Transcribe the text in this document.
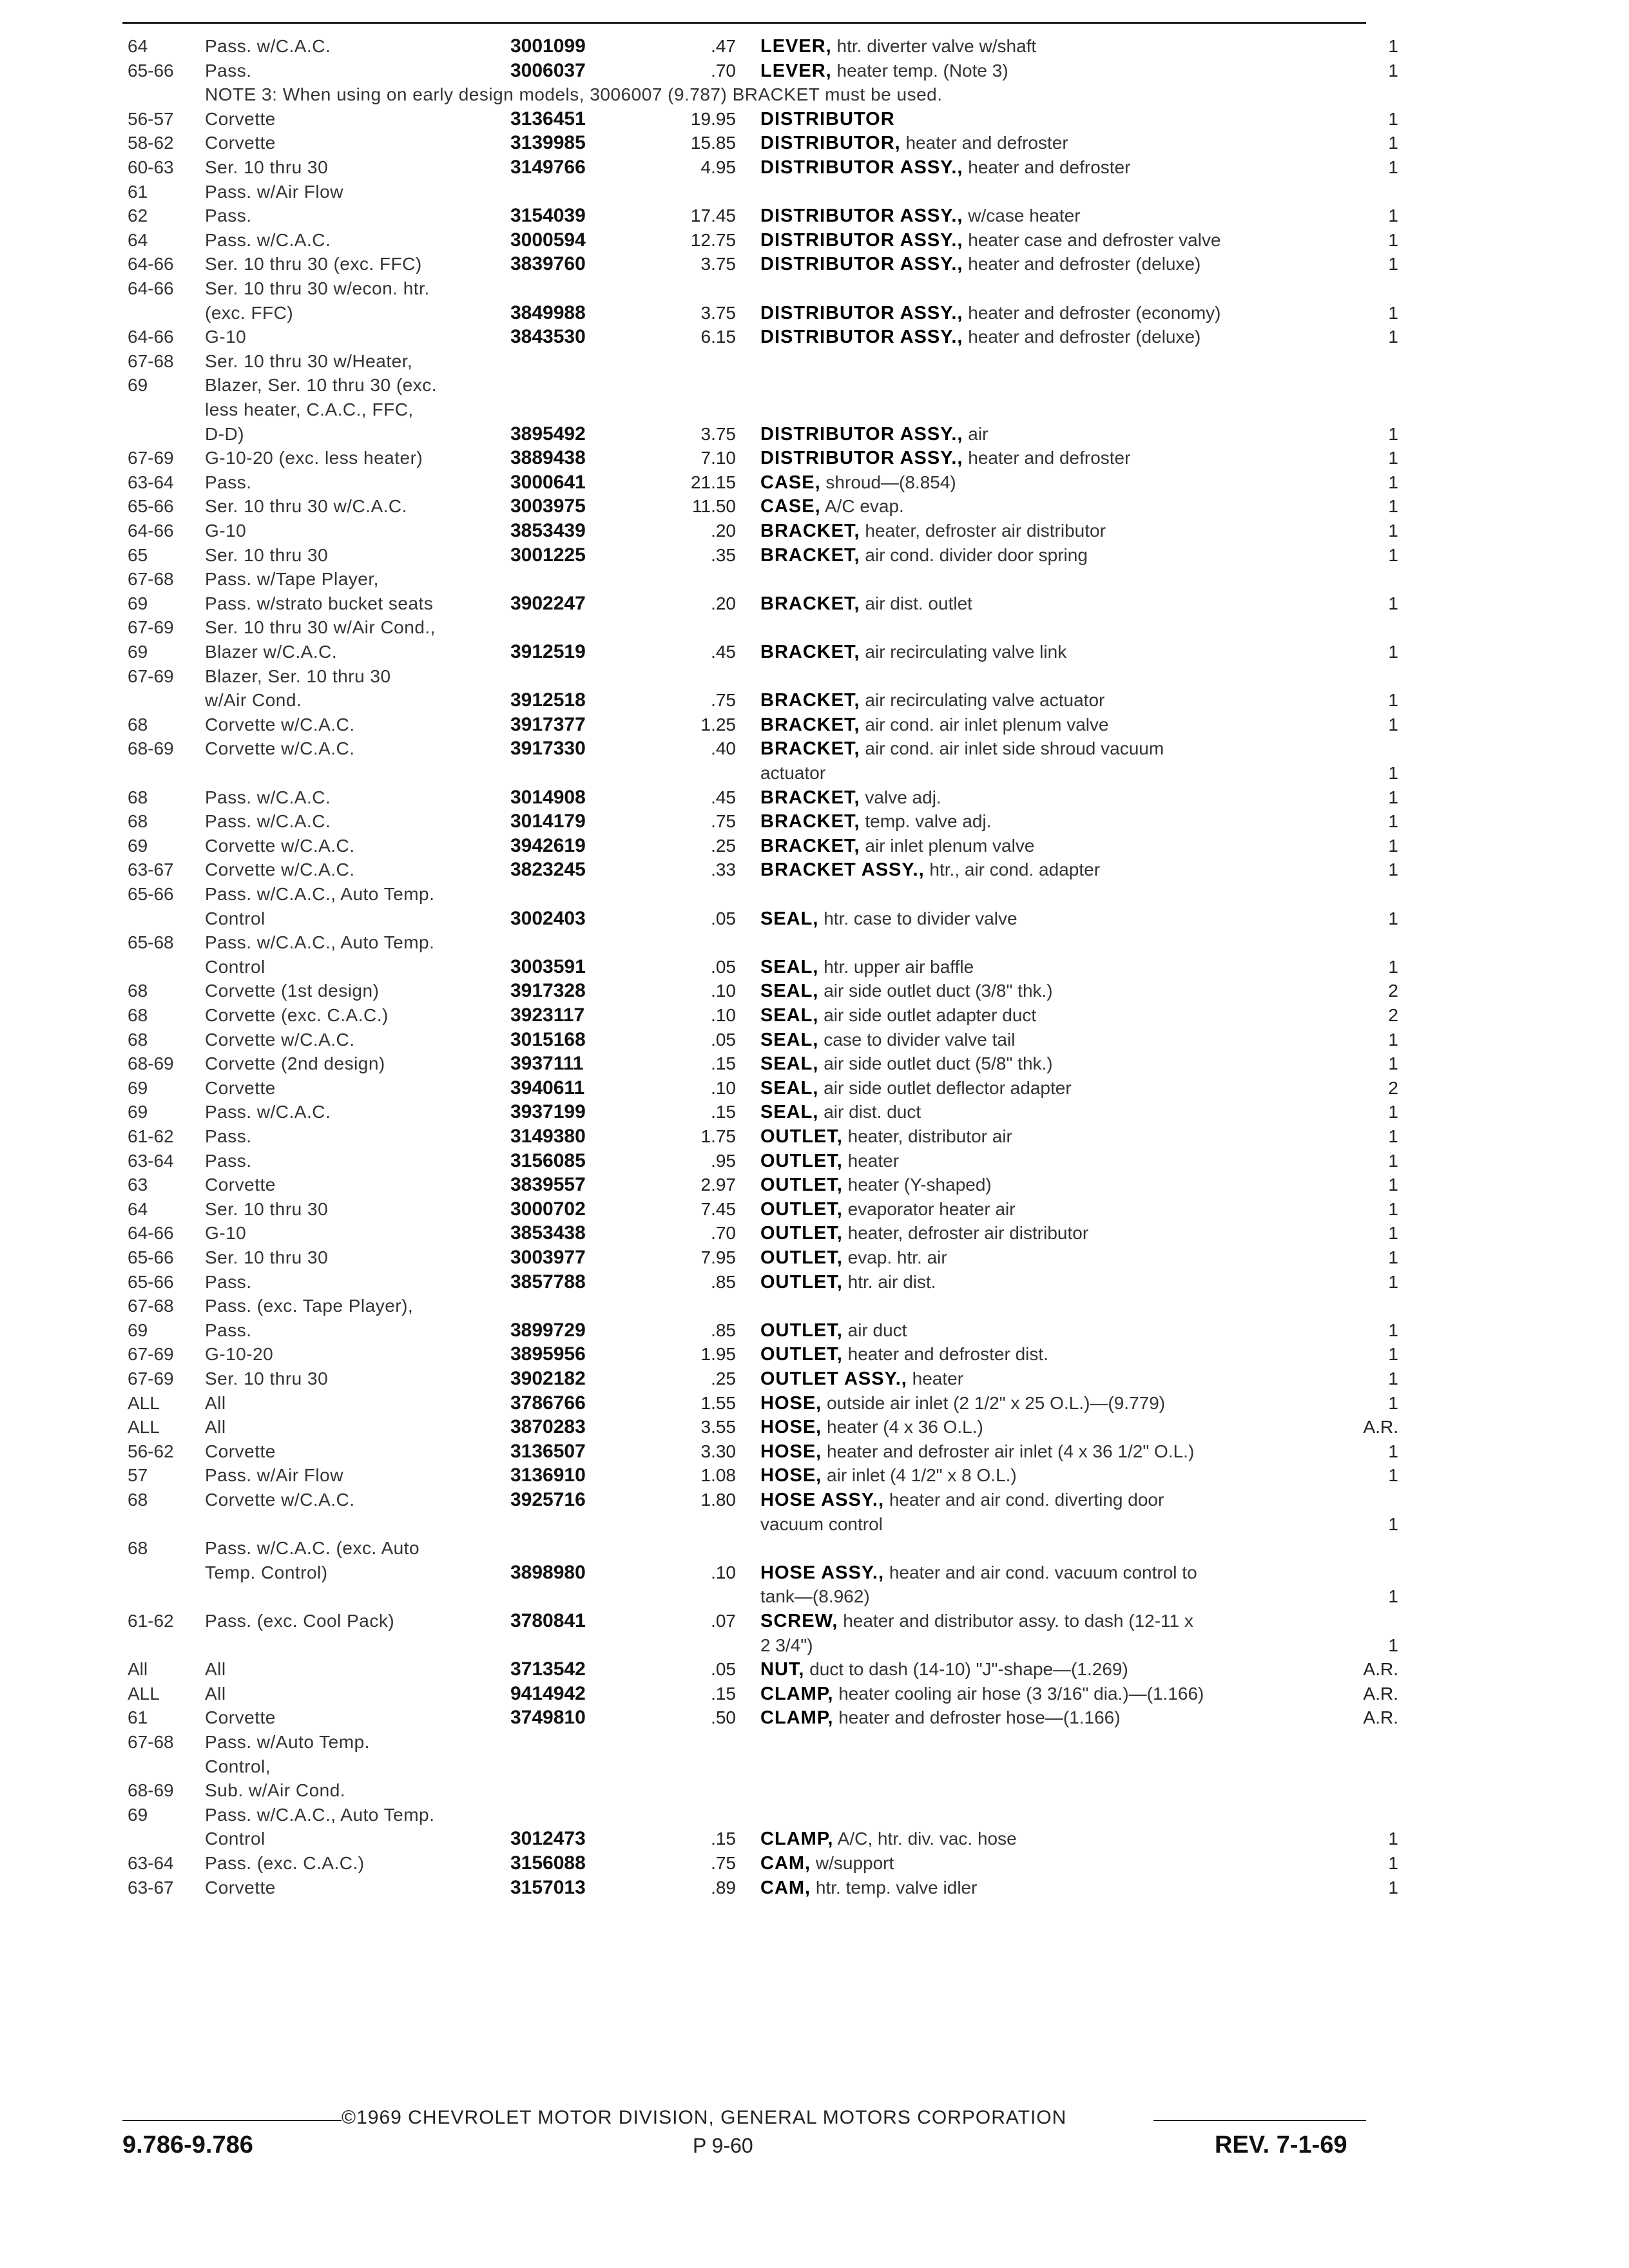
64	Pass. w/C.A.C.	3001099	.47 LEVER, htr. diverter valve w/shaft	1
65-66	Pass.	3006037	.70 LEVER, heater temp. (Note 3)	1
NOTE 3: When using on early design models, 3006007 (9.787) BRACKET must be used.
56-57	Corvette	3136451	19.95 DISTRIBUTOR	1
58-62	Corvette	3139985	15.85 DISTRIBUTOR, heater and defroster	1
60-63	Ser. 10 thru 30	3149766	4.95 DISTRIBUTOR ASSY., heater and defroster	1
61	Pass. w/Air Flow
62	Pass.	3154039	17.45 DISTRIBUTOR ASSY., w/case heater	1
64	Pass. w/C.A.C.	3000594	12.75 DISTRIBUTOR ASSY., heater case and defroster valve	1
64-66	Ser. 10 thru 30 (exc. FFC)	3839760	3.75 DISTRIBUTOR ASSY., heater and defroster (deluxe)	1
64-66	Ser. 10 thru 30 w/econ. htr.
(exc. FFC)	3849988	3.75 DISTRIBUTOR ASSY., heater and defroster (economy)	1
64-66	G-10	3843530	6.15 DISTRIBUTOR ASSY., heater and defroster (deluxe)	1
67-68	Ser. 10 thru 30 w/Heater,
69	Blazer, Ser. 10 thru 30 (exc.
less heater, C.A.C., FFC,
D-D)	3895492	3.75 DISTRIBUTOR ASSY., air	1
67-69	G-10-20 (exc. less heater)	3889438	7.10 DISTRIBUTOR ASSY., heater and defroster	1
63-64	Pass.	3000641	21.15 CASE, shroud—(8.854)	1
65-66	Ser. 10 thru 30 w/C.A.C.	3003975	11.50 CASE, A/C evap.	1
64-66	G-10	3853439	.20 BRACKET, heater, defroster air distributor	1
65	Ser. 10 thru 30	3001225	.35 BRACKET, air cond. divider door spring	1
67-68	Pass. w/Tape Player,
69	Pass. w/strato bucket seats	3902247	.20 BRACKET, air dist. outlet	1
67-69	Ser. 10 thru 30 w/Air Cond.,
69	Blazer w/C.A.C.	3912519	.45 BRACKET, air recirculating valve link	1
67-69	Blazer, Ser. 10 thru 30
w/Air Cond.	3912518	.75 BRACKET, air recirculating valve actuator	1
68	Corvette w/C.A.C.	3917377	1.25 BRACKET, air cond. air inlet plenum valve	1
68-69	Corvette w/C.A.C.	3917330	.40 BRACKET, air cond. air inlet side shroud vacuum
actuator	1
68	Pass. w/C.A.C.	3014908	.45 BRACKET, valve adj.	1
68	Pass. w/C.A.C.	3014179	.75 BRACKET, temp. valve adj.	1
69	Corvette w/C.A.C.	3942619	.25 BRACKET, air inlet plenum valve	1
63-67	Corvette w/C.A.C.	3823245	.33 BRACKET ASSY., htr., air cond. adapter	1
65-66	Pass. w/C.A.C., Auto Temp.
Control	3002403	.05 SEAL, htr. case to divider valve	1
65-68	Pass. w/C.A.C., Auto Temp.
Control	3003591	.05 SEAL, htr. upper air baffle	1
68	Corvette (1st design)	3917328	.10 SEAL, air side outlet duct (3/8" thk.)	2
68	Corvette (exc. C.A.C.)	3923117	.10 SEAL, air side outlet adapter duct	2
68	Corvette w/C.A.C.	3015168	.05 SEAL, case to divider valve tail	1
68-69	Corvette (2nd design)	3937111	.15 SEAL, air side outlet duct (5/8" thk.)	1
69	Corvette	3940611	.10 SEAL, air side outlet deflector adapter	2
69	Pass. w/C.A.C.	3937199	.15 SEAL, air dist. duct	1
61-62	Pass.	3149380	1.75 OUTLET, heater, distributor air	1
63-64	Pass.	3156085	.95 OUTLET, heater	1
63	Corvette	3839557	2.97 OUTLET, heater (Y-shaped)	1
64	Ser. 10 thru 30	3000702	7.45 OUTLET, evaporator heater air	1
64-66	G-10	3853438	.70 OUTLET, heater, defroster air distributor	1
65-66	Ser. 10 thru 30	3003977	7.95 OUTLET, evap. htr. air	1
65-66	Pass.	3857788	.85 OUTLET, htr. air dist.	1
67-68	Pass. (exc. Tape Player),
69	Pass.	3899729	.85 OUTLET, air duct	1
67-69	G-10-20	3895956	1.95 OUTLET, heater and defroster dist.	1
67-69	Ser. 10 thru 30	3902182	.25 OUTLET ASSY., heater	1
ALL	All	3786766	1.55 HOSE, outside air inlet (2 1/2" x 25 O.L.)—(9.779)	1
ALL	All	3870283	3.55 HOSE, heater (4 x 36 O.L.)	A.R.
56-62	Corvette	3136507	3.30 HOSE, heater and defroster air inlet (4 x 36 1/2" O.L.)	1
57	Pass. w/Air Flow	3136910	1.08 HOSE, air inlet (4 1/2" x 8 O.L.)	1
68	Corvette w/C.A.C.	3925716	1.80 HOSE ASSY., heater and air cond. diverting door
vacuum control	1
68	Pass. w/C.A.C. (exc. Auto
Temp. Control)	3898980	.10 HOSE ASSY., heater and air cond. vacuum control to
tank—(8.962)	1
61-62	Pass. (exc. Cool Pack)	3780841	.07 SCREW, heater and distributor assy. to dash (12-11 x
2 3/4")	1
All	All	3713542	.05 NUT, duct to dash (14-10) "J"-shape—(1.269)	A.R.
ALL	All	9414942	.15 CLAMP, heater cooling air hose (3 3/16" dia.)—(1.166)	A.R.
61	Corvette	3749810	.50 CLAMP, heater and defroster hose—(1.166)	A.R.
67-68	Pass. w/Auto Temp.
Control,
68-69	Sub. w/Air Cond.
69	Pass. w/C.A.C., Auto Temp.
Control	3012473	.15 CLAMP, A/C, htr. div. vac. hose	1
63-64	Pass. (exc. C.A.C.)	3156088	.75 CAM, w/support	1
63-67	Corvette	3157013	.89 CAM, htr. temp. valve idler	1
©1969 CHEVROLET MOTOR DIVISION, GENERAL MOTORS CORPORATION
9.786-9.786	P 9-60	REV. 7-1-69
